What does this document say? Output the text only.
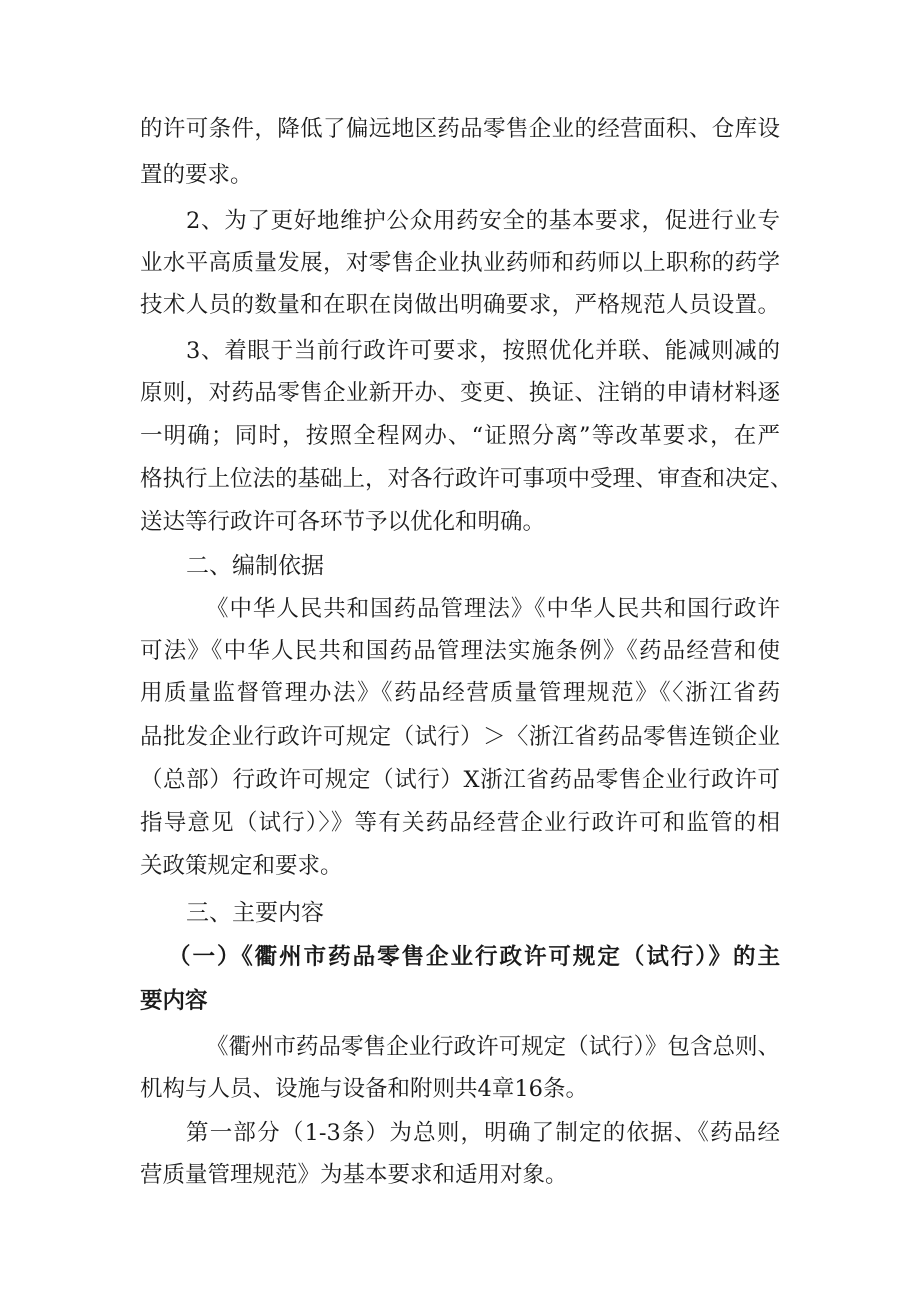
的许可条件，降低了偏远地区药品零售企业的经营面积、仓库设
置的要求。
2、为了更好地维护公众用药安全的基本要求，促进行业专
业水平高质量发展，对零售企业执业药师和药师以上职称的药学
技术人员的数量和在职在岗做出明确要求，严格规范人员设置。
3、着眼于当前行政许可要求，按照优化并联、能减则减的
原则，对药品零售企业新开办、变更、换证、注销的申请材料逐
一明确；同时，按照全程网办、“证照分离”等改革要求，在严
格执行上位法的基础上，对各行政许可事项中受理、审查和决定、
送达等行政许可各环节予以优化和明确。
二、编制依据
《中华人民共和国药品管理法》《中华人民共和国行政许
可法》《中华人民共和国药品管理法实施条例》《药品经营和使
用质量监督管理办法》《药品经营质量管理规范》《〈浙江省药
品批发企业行政许可规定（试行）＞〈浙江省药品零售连锁企业
（总部）行政许可规定（试行）X浙江省药品零售企业行政许可
指导意见（试行）〉》等有关药品经营企业行政许可和监管的相
关政策规定和要求。
三、主要内容
（一）《衢州市药品零售企业行政许可规定（试行）》的主
要内容
《衢州市药品零售企业行政许可规定（试行）》包含总则、
机构与人员、设施与设备和附则共4章16条。
第一部分（1-3条）为总则，明确了制定的依据、《药品经
营质量管理规范》为基本要求和适用对象。
